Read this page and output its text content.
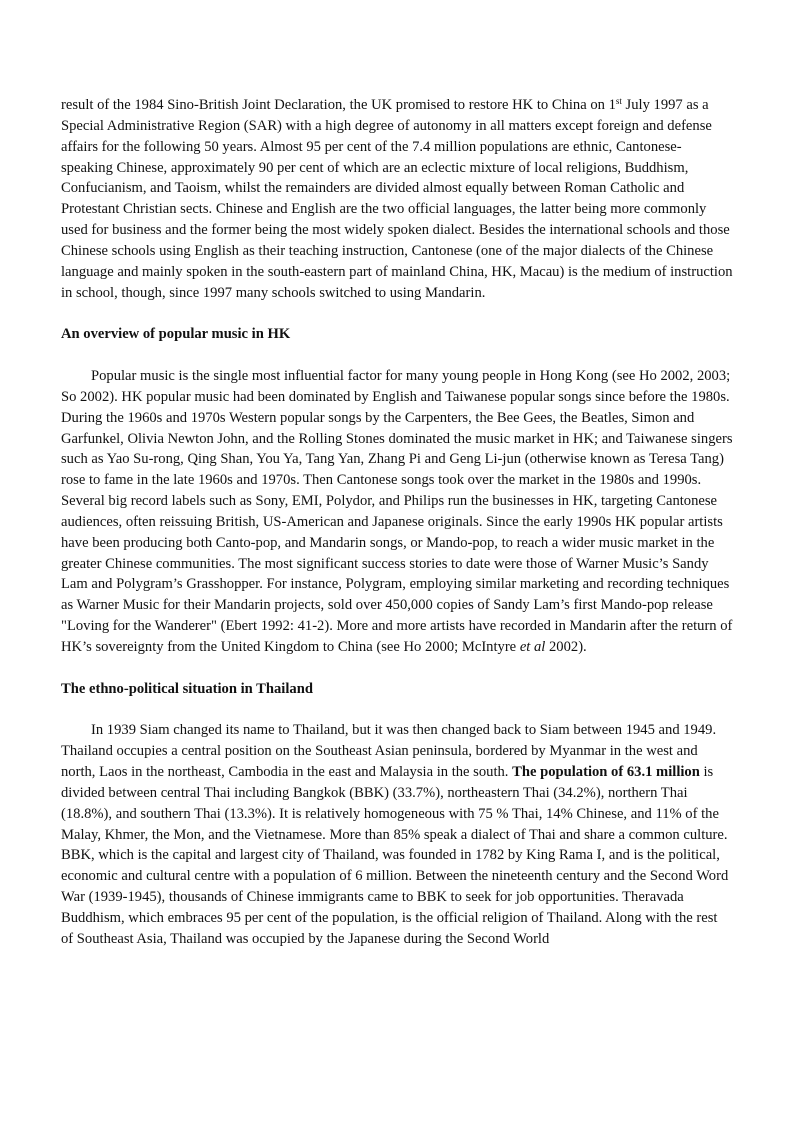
result of the 1984 Sino-British Joint Declaration, the UK promised to restore HK to China on 1st July 1997 as a Special Administrative Region (SAR) with a high degree of autonomy in all matters except foreign and defense affairs for the following 50 years. Almost 95 per cent of the 7.4 million populations are ethnic, Cantonese-speaking Chinese, approximately 90 per cent of which are an eclectic mixture of local religions, Buddhism, Confucianism, and Taoism, whilst the remainders are divided almost equally between Roman Catholic and Protestant Christian sects. Chinese and English are the two official languages, the latter being more commonly used for business and the former being the most widely spoken dialect. Besides the international schools and those Chinese schools using English as their teaching instruction, Cantonese (one of the major dialects of the Chinese language and mainly spoken in the south-eastern part of mainland China, HK, Macau) is the medium of instruction in school, though, since 1997 many schools switched to using Mandarin.

An overview of popular music in HK

Popular music is the single most influential factor for many young people in Hong Kong (see Ho 2002, 2003; So 2002). HK popular music had been dominated by English and Taiwanese popular songs since before the 1980s. During the 1960s and 1970s Western popular songs by the Carpenters, the Bee Gees, the Beatles, Simon and Garfunkel, Olivia Newton John, and the Rolling Stones dominated the music market in HK; and Taiwanese singers such as Yao Su-rong, Qing Shan, You Ya, Tang Yan, Zhang Pi and Geng Li-jun (otherwise known as Teresa Tang) rose to fame in the late 1960s and 1970s. Then Cantonese songs took over the market in the 1980s and 1990s. Several big record labels such as Sony, EMI, Polydor, and Philips run the businesses in HK, targeting Cantonese audiences, often reissuing British, US-American and Japanese originals. Since the early 1990s HK popular artists have been producing both Canto-pop, and Mandarin songs, or Mando-pop, to reach a wider music market in the greater Chinese communities. The most significant success stories to date were those of Warner Music’s Sandy Lam and Polygram’s Grasshopper. For instance, Polygram, employing similar marketing and recording techniques as Warner Music for their Mandarin projects, sold over 450,000 copies of Sandy Lam’s first Mando-pop release "Loving for the Wanderer" (Ebert 1992: 41-2). More and more artists have recorded in Mandarin after the return of HK’s sovereignty from the United Kingdom to China (see Ho 2000; McIntyre et al 2002).

The ethno-political situation in Thailand

In 1939 Siam changed its name to Thailand, but it was then changed back to Siam between 1945 and 1949. Thailand occupies a central position on the Southeast Asian peninsula, bordered by Myanmar in the west and north, Laos in the northeast, Cambodia in the east and Malaysia in the south. The population of 63.1 million is divided between central Thai including Bangkok (BBK) (33.7%), northeastern Thai (34.2%), northern Thai (18.8%), and southern Thai (13.3%). It is relatively homogeneous with 75 % Thai, 14% Chinese, and 11% of the Malay, Khmer, the Mon, and the Vietnamese. More than 85% speak a dialect of Thai and share a common culture. BBK, which is the capital and largest city of Thailand, was founded in 1782 by King Rama I, and is the political, economic and cultural centre with a population of 6 million. Between the nineteenth century and the Second Word War (1939-1945), thousands of Chinese immigrants came to BBK to seek for job opportunities. Theravada Buddhism, which embraces 95 per cent of the population, is the official religion of Thailand. Along with the rest of Southeast Asia, Thailand was occupied by the Japanese during the Second World
